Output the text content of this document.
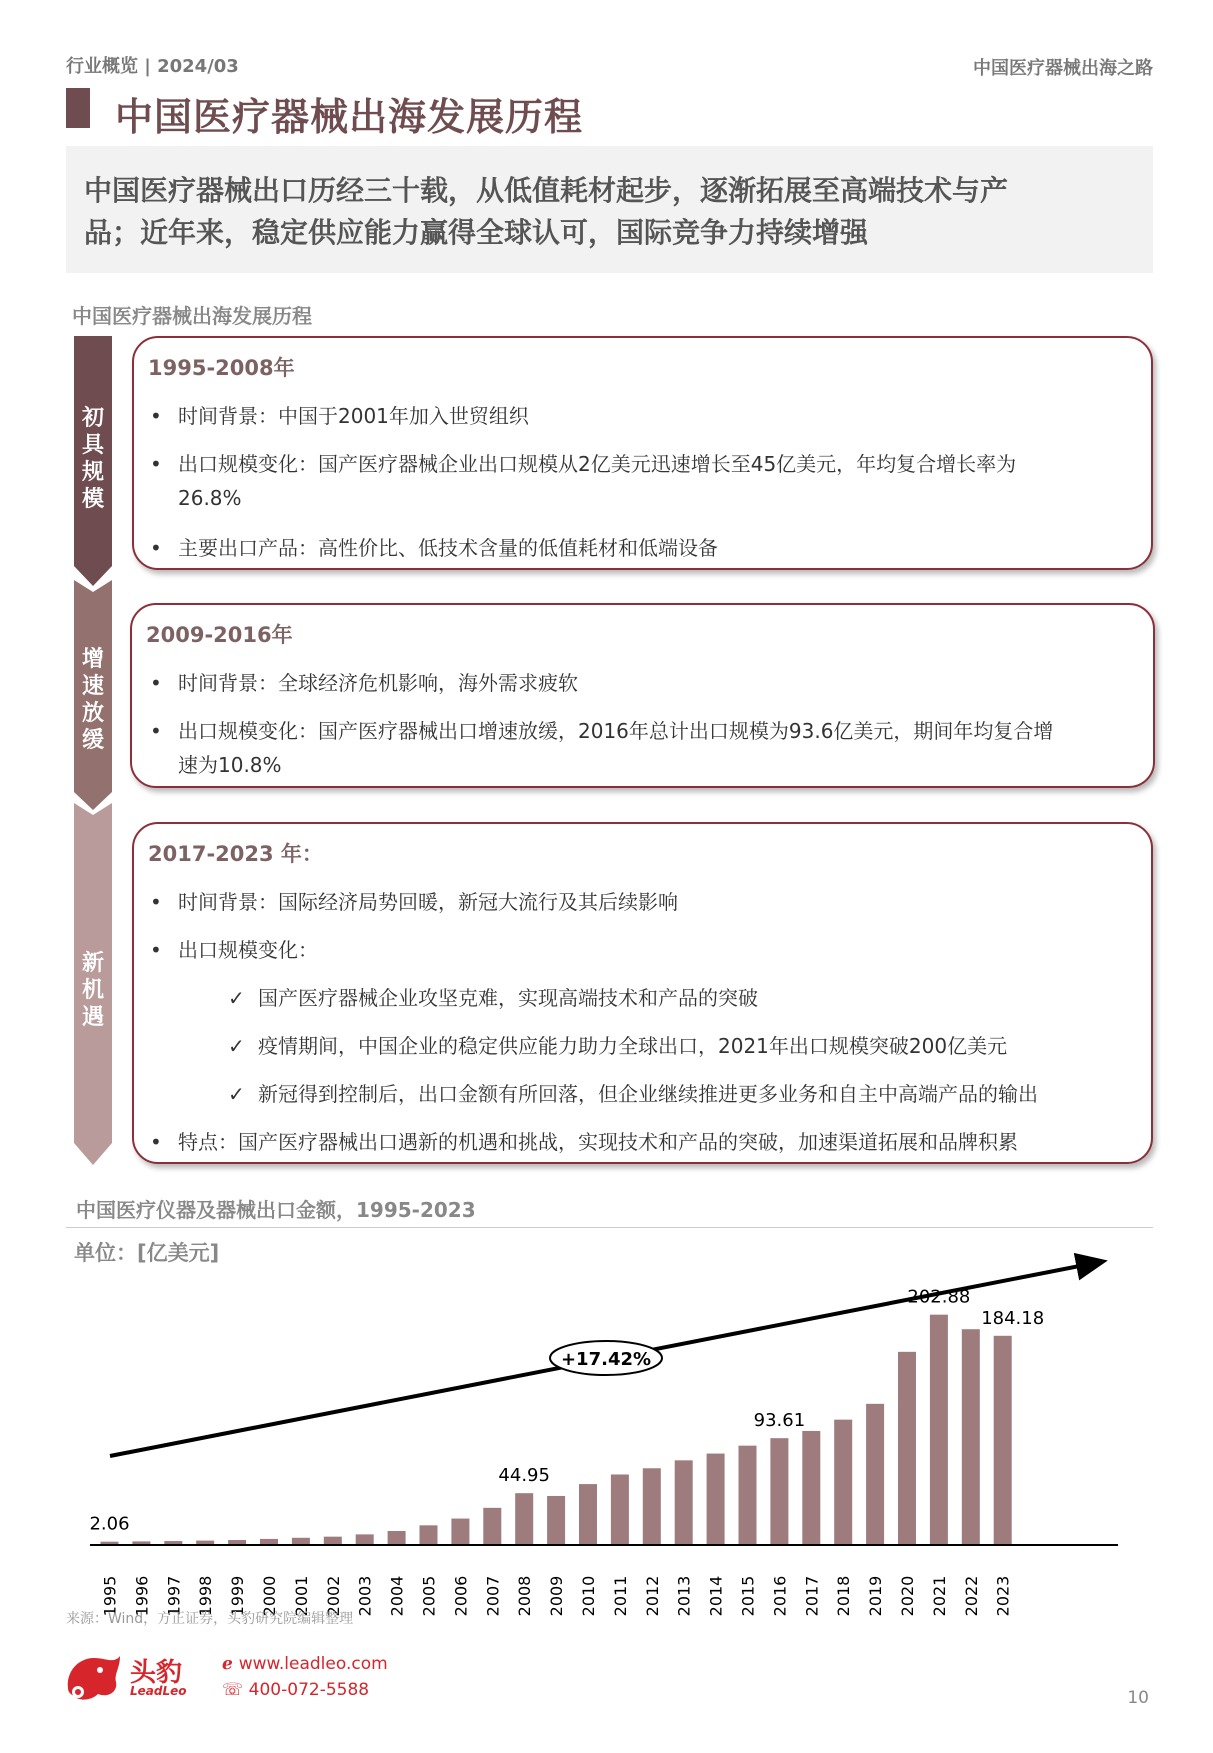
行业概览 | 2024/03	中国医疗器械出海之路
中国医疗器械出海发展历程
中国医疗器械出口历经三十载，从低值耗材起步，逐渐拓展至高端技术与产
品；近年来，稳定供应能力赢得全球认可，国际竞争力持续增强
中国医疗器械出海发展历程
初
具
规
模
增
速
放
缓
新
机
遇
1995-2008年
• 时间背景：中国于2001年加入世贸组织
• 出口规模变化：国产医疗器械企业出口规模从2亿美元迅速增长至45亿美元，年均复合增长率为
26.8%
• 主要出口产品：高性价比、低技术含量的低值耗材和低端设备
2009-2016年
• 时间背景：全球经济危机影响，海外需求疲软
• 出口规模变化：国产医疗器械出口增速放缓，2016年总计出口规模为93.6亿美元，期间年均复合增
速为10.8%
2017-2023 年：
• 时间背景：国际经济局势回暖，新冠大流行及其后续影响
• 出口规模变化：
✓ 国产医疗器械企业攻坚克难，实现高端技术和产品的突破
✓ 疫情期间，中国企业的稳定供应能力助力全球出口，2021年出口规模突破200亿美元
✓ 新冠得到控制后，出口金额有所回落，但企业继续推进更多业务和自主中高端产品的输出
• 特点：国产医疗器械出口遇新的机遇和挑战，实现技术和产品的突破，加速渠道拓展和品牌积累
中国医疗仪器及器械出口金额，1995-2023
单位：[亿美元]
+17.42%
1995
2.06
1996 1997 1998 1999 2000 2001 2002 2003 2004 2005 2006 2007 2008
44.95
2009 2010 2011 2012 2013 2014 2015 2016
93.61
2017 2018 2019 2020 2021
202.88
2022 2023
184.18
来源：Wind，方正证券，头豹研究院编辑整理
头豹
LeadLeo
ℯ www.leadleo.com
☏ 400-072-5588	10
